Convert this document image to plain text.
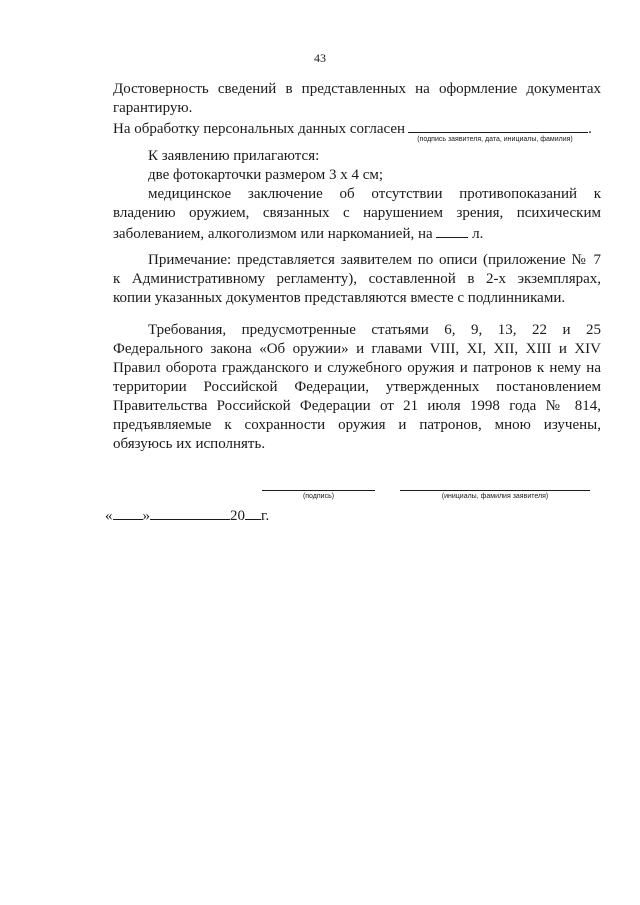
43
Достоверность сведений в представленных на оформление документах
гарантирую.
На обработку персональных данных согласен	.
(подпись заявителя, дата, инициалы, фамилия)
К заявлению прилагаются:
две фотокарточки размером 3 х 4 см;
медицинское заключение об отсутствии противопоказаний к
владению оружием, связанных с нарушением зрения, психическим
заболеванием, алкоголизмом или наркоманией, на	л.
Примечание: представляется заявителем по описи (приложение № 7
к Административному регламенту), составленной в 2-х экземплярах,
копии указанных документов представляются вместе с подлинниками.
Требования, предусмотренные статьями 6, 9, 13, 22 и 25
Федерального закона «Об оружии» и главами VIII, XI, XII, XIII и XIV
Правил оборота гражданского и служебного оружия и патронов к нему на
территории Российской Федерации, утвержденных постановлением
Правительства Российской Федерации от 21 июля 1998 года № 814,
предъявляемые к сохранности оружия и патронов, мною изучены,
обязуюсь их исполнять.
(подпись)	(инициалы, фамилия заявителя)
« »	20 г.
